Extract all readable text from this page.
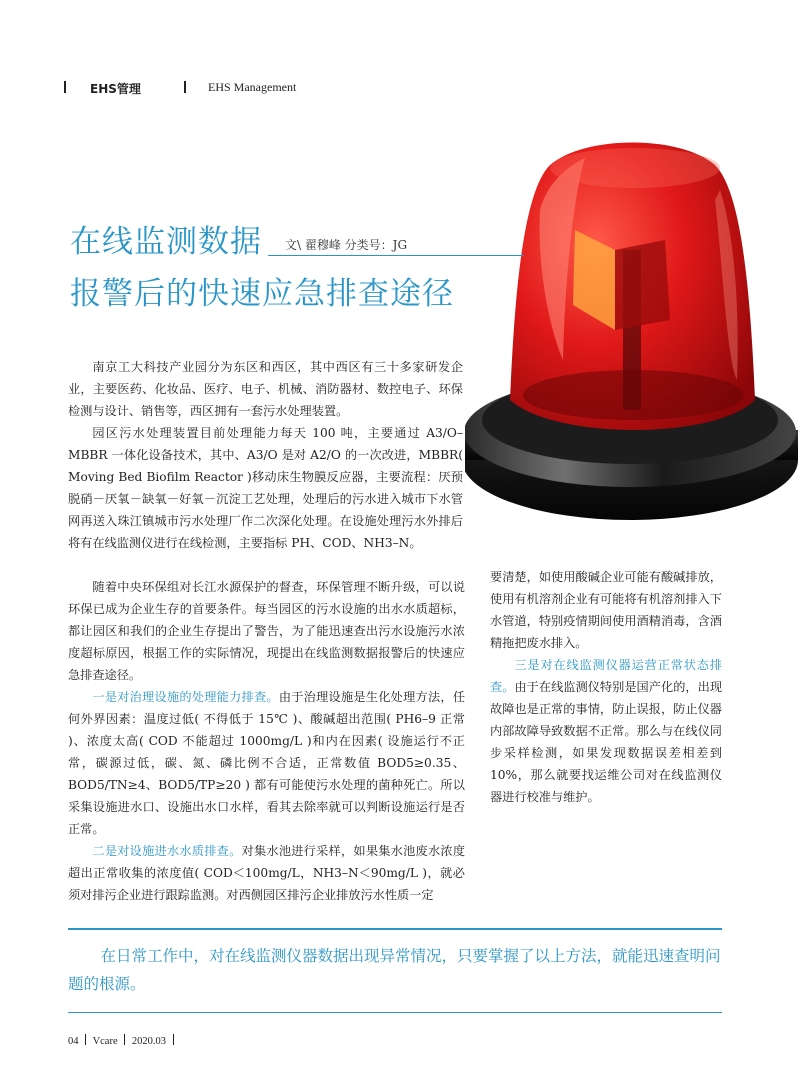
EHS管理	EHS Management
在线监测数据 文\ 翟穆峰 分类号：JG
报警后的快速应急排查途径

南京工大科技产业园分为东区和西区，其中西区有三十多家研发企业，主要医药、化妆品、医疗、电子、机械、消防器材、数控电子、环保检测与设计、销售等，西区拥有一套污水处理装置。

园区污水处理装置目前处理能力每天 100 吨，主要通过 A3/O–MBBR 一体化设备技术，其中、A3/O 是对 A2/O 的一次改进，MBBR( Moving Bed Biofilm Reactor )移动床生物膜反应器，主要流程：厌预脱硝－厌氧－缺氧－好氧－沉淀工艺处理，处理后的污水进入城市下水管网再送入珠江镇城市污水处理厂作二次深化处理。在设施处理污水外排后将有在线监测仪进行在线检测，主要指标 PH、COD、NH3–N。

随着中央环保组对长江水源保护的督查，环保管理不断升级，可以说环保已成为企业生存的首要条件。每当园区的污水设施的出水水质超标，都让园区和我们的企业生存提出了警告，为了能迅速查出污水设施污水浓度超标原因，根据工作的实际情况，现提出在线监测数据报警后的快速应急排查途径。

一是对治理设施的处理能力排查。由于治理设施是生化处理方法，任何外界因素：温度过低( 不得低于 15℃ )、酸碱超出范围( PH6–9 正常 )、浓度太高( COD 不能超过 1000mg/L )和内在因素( 设施运行不正常，碳源过低，碳、氮、磷比例不合适，正常数值 BOD5≥0.35、BOD5/TN≥4、BOD5/TP≥20 ) 都有可能使污水处理的菌种死亡。所以采集设施进水口、设施出水口水样，看其去除率就可以判断设施运行是否正常。

二是对设施进水水质排查。对集水池进行采样，如果集水池废水浓度超出正常收集的浓度值( COD＜100mg/L，NH3–N＜90mg/L )，就必须对排污企业进行跟踪监测。对西侧园区排污企业排放污水性质一定

要清楚，如使用酸碱企业可能有酸碱排放，使用有机溶剂企业有可能将有机溶剂排入下水管道，特别疫情期间使用酒精消毒，含酒精拖把废水排入。

三是对在线监测仪器运营正常状态排查。由于在线监测仪特别是国产化的，出现故障也是正常的事情，防止误报，防止仪器内部故障导致数据不正常。那么与在线仪同步采样检测，如果发现数据误差相差到 10%，那么就要找运维公司对在线监测仪器进行校准与维护。

在日常工作中，对在线监测仪器数据出现异常情况，只要掌握了以上方法，就能迅速查明问题的根源。
04 Vcare 2020.03
